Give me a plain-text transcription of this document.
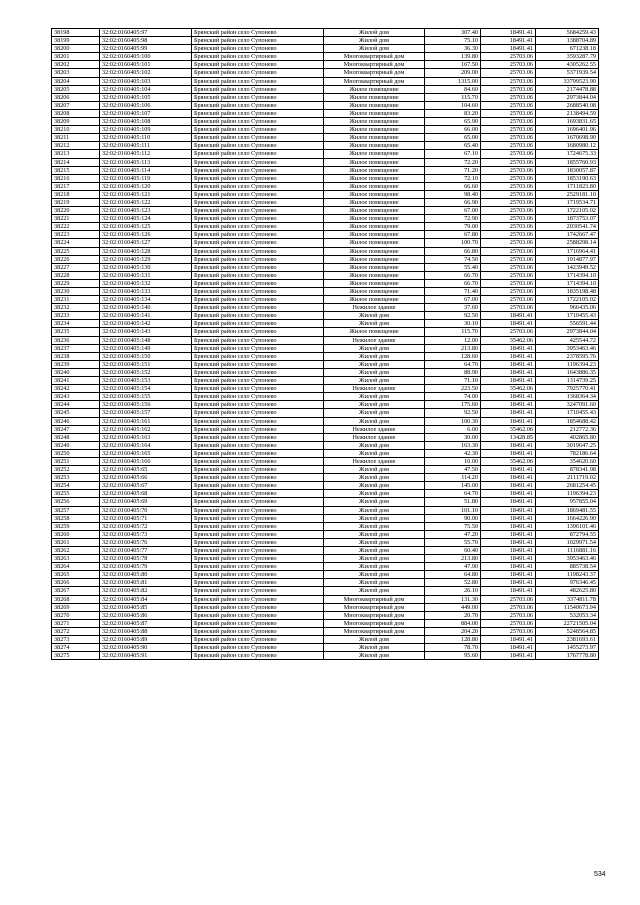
38198	32:02:0160405:97	Брянский район село Супонево	Жилой дом	307.40	18491.41	5684259.43
38199	32:02:0160405:98	Брянский район село Супонево	Жилой дом	75.10	18491.41	1388704.89
38200	32:02:0160405:99	Брянский район село Супонево	Жилой дом	36.30	18491.41	671238.18
38201	32:02:0160405:100	Брянский район село Супонево	Многоквартирный дом	139.80	25703.06	3593287.79
38202	32:02:0160405:101	Брянский район село Супонево	Многоквартирный дом	167.50	25703.06	4305262.55
38203	32:02:0160405:102	Брянский район село Супонево	Многоквартирный дом	209.00	25703.06	5371939.54
38204	32:02:0160405:103	Брянский район село Супонево	Многоквартирный дом	1315.00	25703.06	33799523.90
38205	32:02:0160405:104	Брянский район село Супонево	Жилое помещение	84.60	25703.06	2174478.88
38206	32:02:0160405:105	Брянский район село Супонево	Жилое помещение	115.70	25703.06	2973844.04
38207	32:02:0160405:106	Брянский район село Супонево	Жилое помещение	104.60	25703.06	2688540.08
38208	32:02:0160405:107	Брянский район село Супонево	Жилое помещение	83.20	25703.06	2138494.59
38209	32:02:0160405:108	Брянский район село Супонево	Жилое помещение	65.90	25703.06	1693831.65
38210	32:02:0160405:109	Брянский район село Супонево	Жилое помещение	66.00	25703.06	1696401.96
38211	32:02:0160405:110	Брянский район село Супонево	Жилое помещение	65.00	25703.06	1670698.90
38212	32:02:0160405:111	Брянский район село Супонево	Жилое помещение	65.40	25703.06	1680980.12
38213	32:02:0160405:112	Брянский район село Супонево	Жилое помещение	67.10	25703.06	1724675.33
38214	32:02:0160405:113	Брянский район село Супонево	Жилое помещение	72.20	25703.06	1855760.93
38215	32:02:0160405:114	Брянский район село Супонево	Жилое помещение	71.20	25703.06	1830057.87
38216	32:02:0160405:119	Брянский район село Супонево	Жилое помещение	72.10	25703.06	1853190.63
38217	32:02:0160405:120	Брянский район село Супонево	Жилое помещение	66.60	25703.06	1711823.80
38218	32:02:0160405:121	Брянский район село Супонево	Жилое помещение	98.40	25703.06	2529181.10
38219	32:02:0160405:122	Брянский район село Супонево	Жилое помещение	66.90	25703.06	1719534.71
38220	32:02:0160405:123	Брянский район село Супонево	Жилое помещение	67.00	25703.06	1722105.02
38221	32:02:0160405:124	Брянский район село Супонево	Жилое помещение	72.90	25703.06	1873753.07
38222	32:02:0160405:125	Брянский район село Супонево	Жилое помещение	79.00	25703.06	2030541.74
38223	32:02:0160405:126	Брянский район село Супонево	Жилое помещение	67.80	25703.06	1742667.47
38224	32:02:0160405:127	Брянский район село Супонево	Жилое помещение	100.70	25703.06	2588298.14
38225	32:02:0160405:128	Брянский район село Супонево	Жилое помещение	66.80	25703.06	1716964.41
38226	32:02:0160405:129	Брянский район село Супонево	Жилое помещение	74.50	25703.06	1914877.97
38227	32:02:0160405:130	Брянский район село Супонево	Жилое помещение	55.40	25703.06	1423949.52
38228	32:02:0160405:131	Брянский район село Супонево	Жилое помещение	66.70	25703.06	1714394.10
38229	32:02:0160405:132	Брянский район село Супонево	Жилое помещение	66.70	25703.06	1714394.10
38230	32:02:0160405:133	Брянский район село Супонево	Жилое помещение	71.40	25703.06	1835198.48
38231	32:02:0160405:134	Брянский район село Супонево	Жилое помещение	67.00	25703.06	1722105.02
38232	32:02:0160405:140	Брянский район село Супонево	Нежилое здание	37.60	25703.06	966435.06
38233	32:02:0160405:141	Брянский район село Супонево	Жилой дом	92.50	18491.41	1710455.43
38234	32:02:0160405:142	Брянский район село Супонево	Жилой дом	30.10	18491.41	556591.44
38235	32:02:0160405:143	Брянский район село Супонево	Жилое помещение	115.70	25703.06	2973844.04
38236	32:02:0160405:148	Брянский район село Супонево	Нежилое здание	12.00	35462.06	425544.72
38237	32:02:0160405:149	Брянский район село Супонево	Жилой дом	213.80	18491.41	3953463.46
38238	32:02:0160405:150	Брянский район село Супонево	Жилой дом	128.60	18491.41	2378595.76
38239	32:02:0160405:151	Брянский район село Супонево	Жилой дом	64.70	18491.41	1196394.23
38240	32:02:0160405:152	Брянский район село Супонево	Жилой дом	88.90	18491.41	1643886.35
38241	32:02:0160405:153	Брянский район село Супонево	Жилой дом	71.10	18491.41	1314739.25
38242	32:02:0160405:154	Брянский район село Супонево	Нежилое здание	223.50	35462.06	7925770.41
38243	32:02:0160405:155	Брянский район село Супонево	Жилой дом	74.00	18491.41	1368364.34
38244	32:02:0160405:156	Брянский район село Супонево	Жилой дом	175.60	18491.41	3247091.60
38245	32:02:0160405:157	Брянский район село Супонево	Жилой дом	92.50	18491.41	1710455.43
38246	32:02:0160405:161	Брянский район село Супонево	Жилой дом	100.30	18491.41	1854688.42
38247	32:02:0160405:162	Брянский район село Супонево	Нежилое здание	6.00	35462.06	212772.36
38248	32:02:0160405:163	Брянский район село Супонево	Нежилое здание	30.00	13428.85	402865.80
38249	32:02:0160405:164	Брянский район село Супонево	Жилой дом	163.30	18491.41	3019647.25
38250	32:02:0160405:165	Брянский район село Супонево	Жилой дом	42.30	18491.41	782186.64
38251	32:02:0160405:166	Брянский район село Супонево	Нежилое здание	10.00	35462.06	354620.60
38252	32:02:0160405:65	Брянский район село Супонево	Жилой дом	47.50	18491.41	878341.98
38253	32:02:0160405:66	Брянский район село Супонево	Жилой дом	114.20	18491.41	2111719.02
38254	32:02:0160405:67	Брянский район село Супонево	Жилой дом	145.00	18491.41	2681254.45
38255	32:02:0160405:68	Брянский район село Супонево	Жилой дом	64.70	18491.41	1196394.23
38256	32:02:0160405:69	Брянский район село Супонево	Жилой дом	51.80	18491.41	957855.04
38257	32:02:0160405:70	Брянский район село Супонево	Жилой дом	101.10	18491.41	1869481.55
38258	32:02:0160405:71	Брянский район село Супонево	Жилой дом	90.00	18491.41	1664226.90
38259	32:02:0160405:72	Брянский район село Супонево	Жилой дом	75.50	18491.41	1396101.46
38260	32:02:0160405:73	Брянский район село Супонево	Жилой дом	47.20	18491.41	872794.55
38261	32:02:0160405:76	Брянский район село Супонево	Жилой дом	55.70	18491.41	1029971.54
38262	32:02:0160405:77	Брянский район село Супонево	Жилой дом	60.40	18491.41	1116881.16
38263	32:02:0160405:78	Брянский район село Супонево	Жилой дом	213.80	18491.41	3953463.46
38264	32:02:0160405:79	Брянский район село Супонево	Жилой дом	47.90	18491.41	885738.54
38265	32:02:0160405:80	Брянский район село Супонево	Жилой дом	64.80	18491.41	1198243.37
38266	32:02:0160405:81	Брянский район село Супонево	Жилой дом	52.80	18491.41	976346.45
38267	32:02:0160405:82	Брянский район село Супонево	Жилой дом	26.10	18491.41	482625.80
38268	32:02:0160405:84	Брянский район село Супонево	Многоквартирный дом	131.30	25703.06	3374811.78
38269	32:02:0160405:85	Брянский район село Супонево	Многоквартирный дом	449.00	25703.06	11540673.94
38270	32:02:0160405:86	Брянский район село Супонево	Многоквартирный дом	20.70	25703.06	532053.34
38271	32:02:0160405:87	Брянский район село Супонево	Многоквартирный дом	884.00	25703.06	22721505.04
38272	32:02:0160405:88	Брянский район село Супонево	Многоквартирный дом	204.20	25703.06	5248564.85
38273	32:02:0160405:89	Брянский район село Супонево	Жилой дом	128.80	18491.41	2381693.61
38274	32:02:0160405:90	Брянский район село Супонево	Жилой дом	78.70	18491.41	1455273.97
38275	32:02:0160405:91	Брянский район село Супонево	Жилой дом	95.60	18491.41	1767778.80
534
